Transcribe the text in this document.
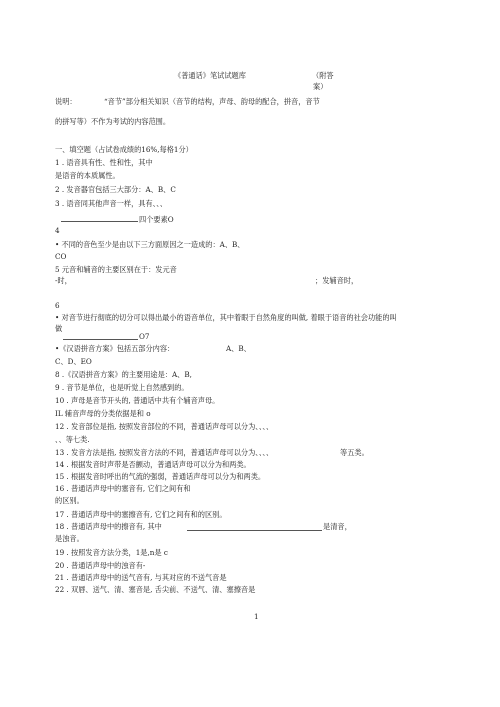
《普通话》笔试试题库	（附答
案）
说明：	“音节”部分相关知识（音节的结构，声母、韵母的配合，拼音，音节
的拼写等）不作为考试的内容范围。
一、填空题（占试卷成绩的16%,每格1分）
1 . 语音具有性、性和性，其中
是语音的本质属性。
2 . 发音器官包括三大部分：A、B、C
3 . 语音同其他声音一样，具有、、、
四个要素O
4
• 不同的音色至少是由以下三方面原因之一造成的：A、B、
CO
5 元音和辅音的主要区别在于：发元音
-时，	；发辅音时，
6
• 对音节进行彻底的切分可以得出最小的语音单位，其中着眼于自然角度的叫做, 着眼于语音的社会功能的叫
做
O7
•《汉语拼音方案》包括五部分内容：	A、B、
C、D、EO
8 .《汉语拼音方案》的主要用途是：A、B,
9 . 音节是单位，也是听觉上自然感到的。
10 . 声母是音节开头的, 普通话中共有个辅音声母。
IL 辅音声母的分类依据是和 o
12 . 发音部位是指, 按照发音部位的不同，普通话声母可以分为、、、、
、、等七类.
13 . 发音方法是指, 按照发音方法的不同，普通话声母可以分为、、、、	等五类。
14 . 根据发音时声带是否颤动，普通话声母可以分为和两类。
15 . 根据发音时呼出的气流的强弱，普通话声母可以分为和两类。
16 . 普通话声母中的塞音有, 它们之间有和
的区别。
17 . 普通话声母中的塞擦音有, 它们之间有和的区别。
18 . 普通话声母中的擦音有, 其中	是清音，
是浊音。
19 . 按照发音方法分类，1是,n是 c
20 . 普通话声母中的浊音有-
21 . 普通话声母中的送气音有, 与其对应的不送气音是
22 . 双唇、送气、清、塞音是, 舌尖前、不送气、清、塞擦音是
1
